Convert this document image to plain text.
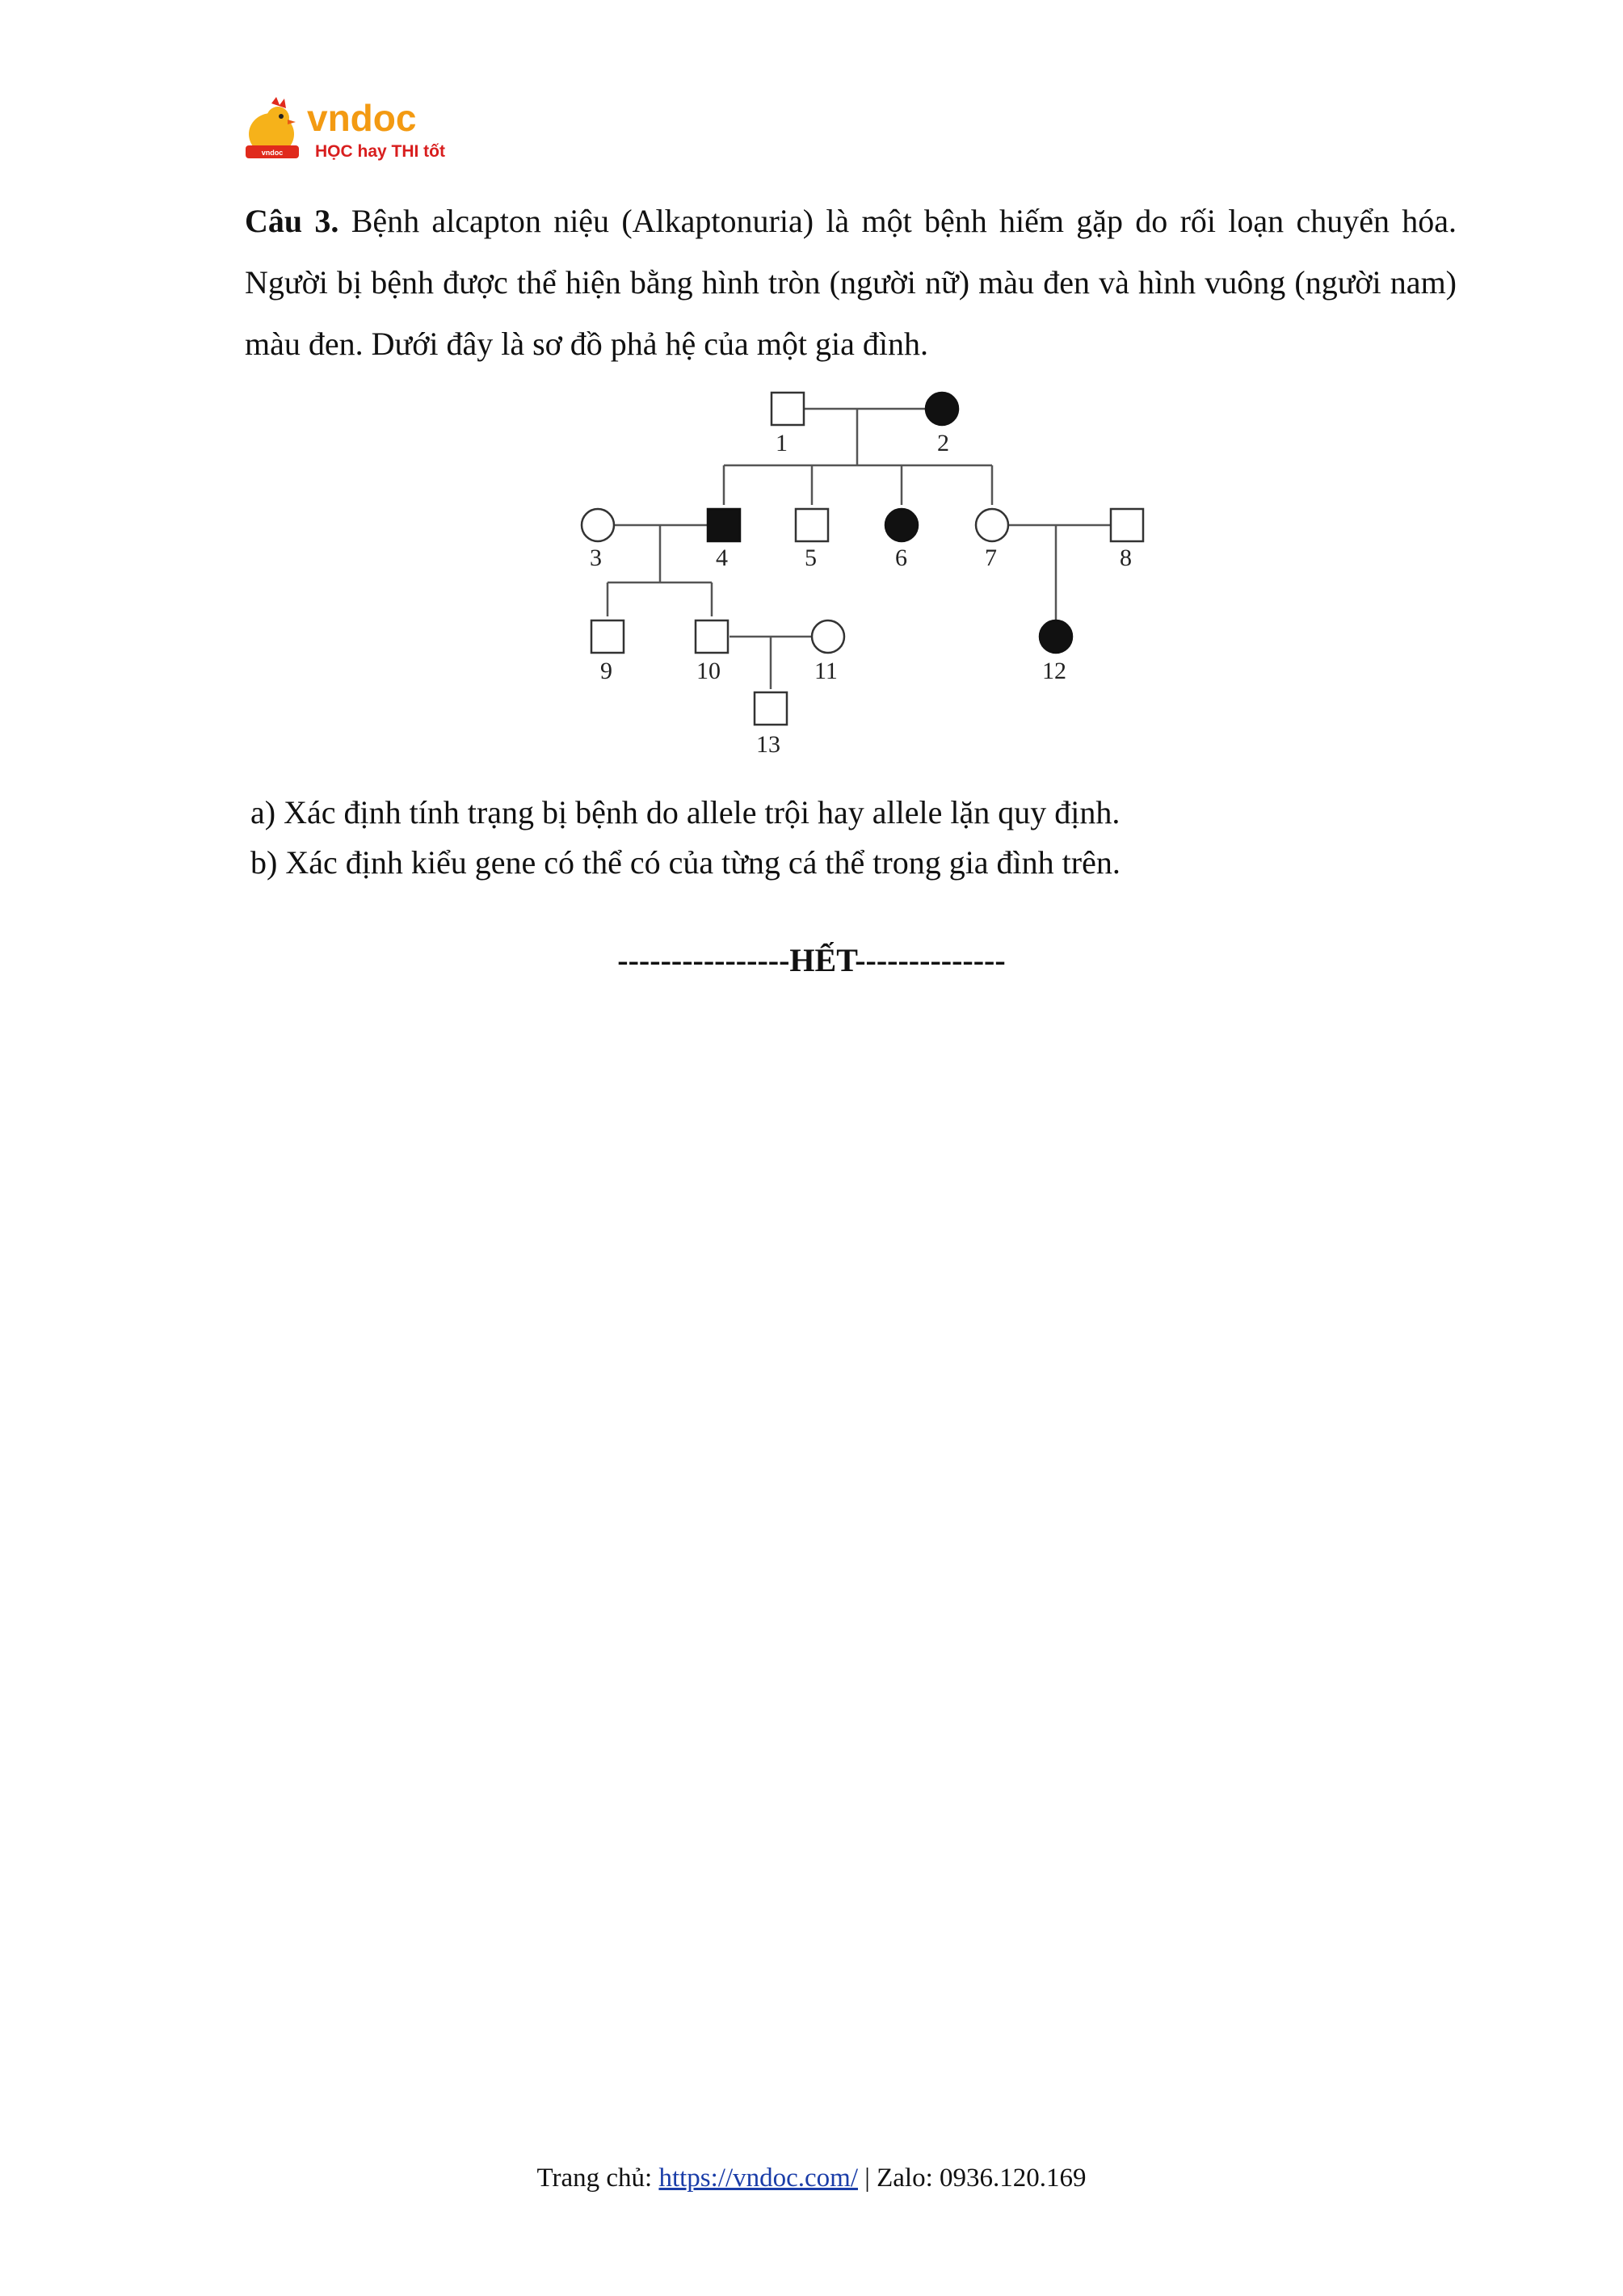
vndoc
vndoc
HỌC hay THI tốt
Câu 3. Bệnh alcapton niệu (Alkaptonuria) là một bệnh hiếm gặp do rối loạn chuyển hóa. Người bị bệnh được thể hiện bằng hình tròn (người nữ) màu đen và hình vuông (người nam) màu đen. Dưới đây là sơ đồ phả hệ của một gia đình.
1	2
3	4	5	6	7	8
9	10	11	12
13
a) Xác định tính trạng bị bệnh do allele trội hay allele lặn quy định.
b) Xác định kiểu gene có thể có của từng cá thể trong gia đình trên.
----------------HẾT--------------
Trang chủ: https://vndoc.com/ | Zalo: 0936.120.169
